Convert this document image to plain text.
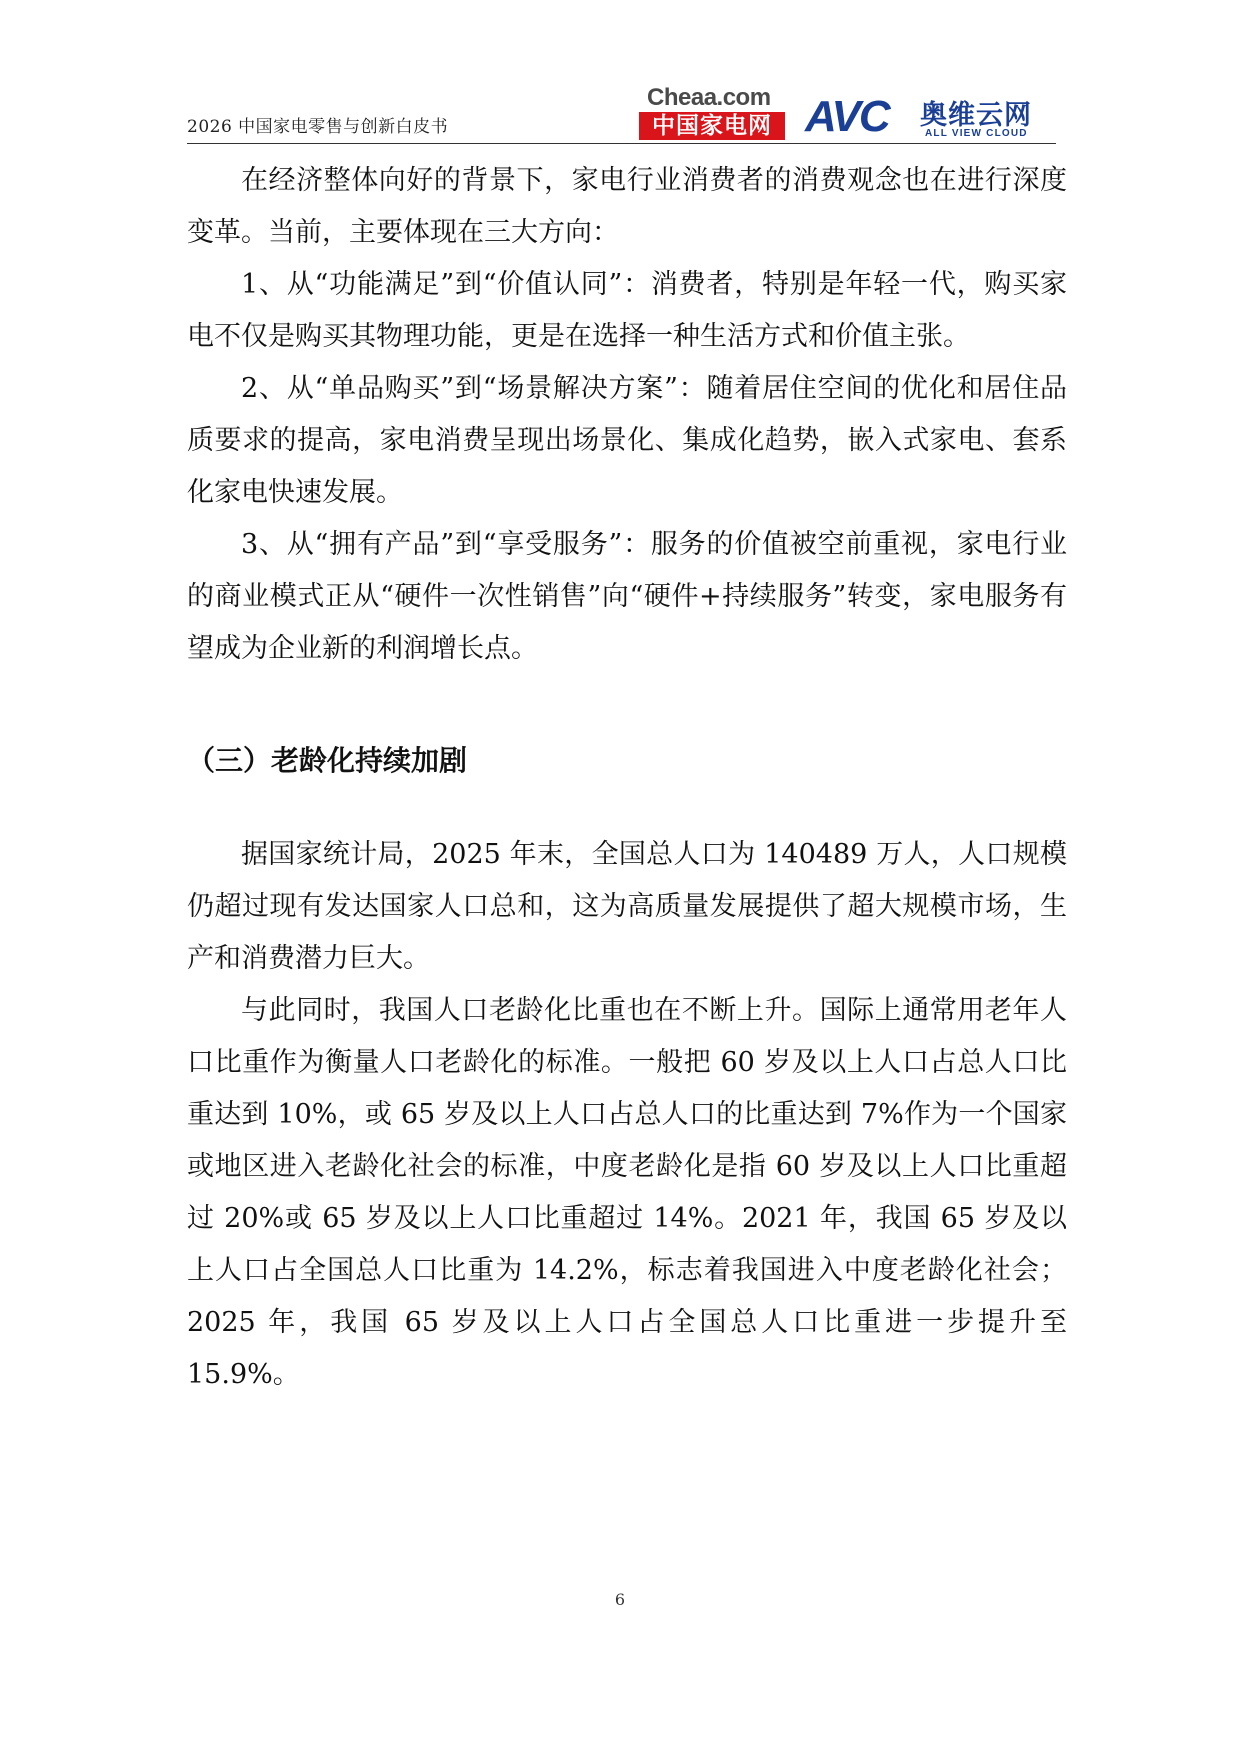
2026 中国家电零售与创新白皮书
Cheaa.com
中国家电网 AVC 奥维云网
ALL VIEW CLOUD

在经济整体向好的背景下，家电行业消费者的消费观念也在进行深度变革。当前，主要体现在三大方向：

1、从“功能满足”到“价值认同”：消费者，特别是年轻一代，购买家电不仅是购买其物理功能，更是在选择一种生活方式和价值主张。

2、从“单品购买”到“场景解决方案”：随着居住空间的优化和居住品质要求的提高，家电消费呈现出场景化、集成化趋势，嵌入式家电、套系化家电快速发展。

3、从“拥有产品”到“享受服务”：服务的价值被空前重视，家电行业的商业模式正从“硬件一次性销售”向“硬件+持续服务”转变，家电服务有望成为企业新的利润增长点。

（三）老龄化持续加剧

据国家统计局，2025 年末，全国总人口为 140489 万人，人口规模仍超过现有发达国家人口总和，这为高质量发展提供了超大规模市场，生产和消费潜力巨大。

与此同时，我国人口老龄化比重也在不断上升。国际上通常用老年人口比重作为衡量人口老龄化的标准。一般把 60 岁及以上人口占总人口比重达到 10%，或 65 岁及以上人口占总人口的比重达到 7%作为一个国家或地区进入老龄化社会的标准，中度老龄化是指 60 岁及以上人口比重超过 20%或 65 岁及以上人口比重超过 14%。2021 年，我国 65 岁及以上人口占全国总人口比重为 14.2%，标志着我国进入中度老龄化社会；2025 年，我国 65 岁及以上人口占全国总人口比重进一步提升至 15.9%。

6
